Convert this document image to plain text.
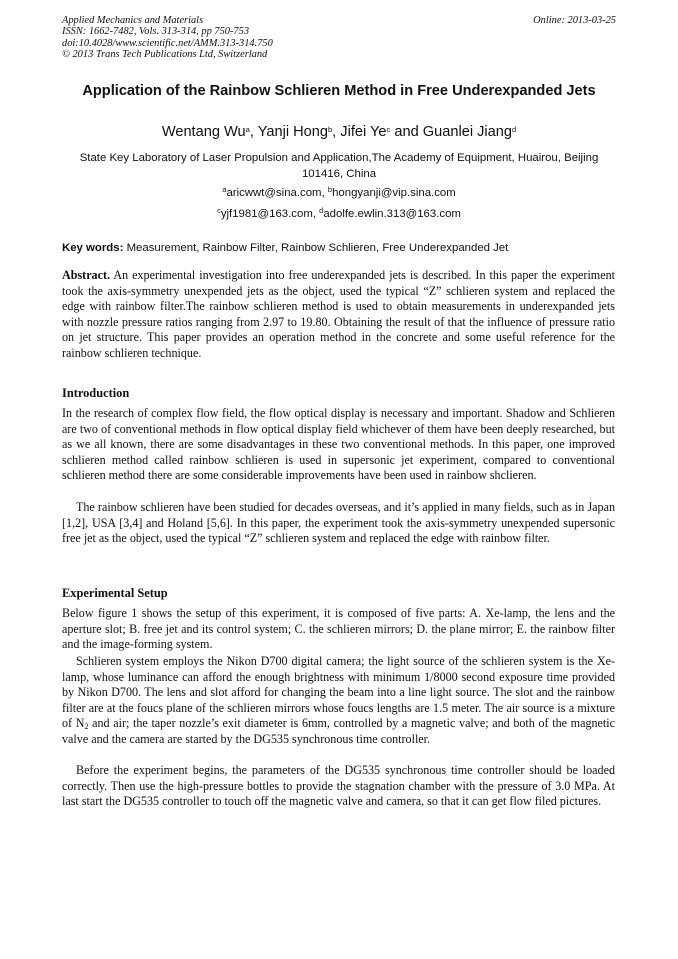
Applied Mechanics and Materials
ISSN: 1662-7482, Vols. 313-314, pp 750-753
doi:10.4028/www.scientific.net/AMM.313-314.750
© 2013 Trans Tech Publications Ltd, Switzerland
Online: 2013-03-25
Application of the Rainbow Schlieren Method in Free Underexpanded Jets
Wentang Wu$^a$, Yanji Hong$^b$, Jifei Ye$^c$ and Guanlei Jiang$^d$
State Key Laboratory of Laser Propulsion and Application,The Academy of Equipment, Huairou, Beijing 101416, China
$^a$aricwwt@sina.com, $^b$hongyanji@vip.sina.com
$^c$yjf1981@163.com, $^d$adolfe.ewlin.313@163.com
Key words: Measurement, Rainbow Filter, Rainbow Schlieren, Free Underexpanded Jet

Abstract. An experimental investigation into free underexpanded jets is described. In this paper the experiment took the axis-symmetry unexpended jets as the object, used the typical “Z” schlieren system and replaced the edge with rainbow filter.The rainbow schlieren method is used to obtain measurements in underexpanded jets with nozzle pressure ratios ranging from 2.97 to 19.80. Obtaining the result of that the influence of pressure ratio on jet structure. This paper provides an operation method in the concrete and some useful reference for the rainbow schlieren technique.

Introduction

In the research of complex flow field, the flow optical display is necessary and important. Shadow and Schlieren are two of conventional methods in flow optical display field whichever of them have been deeply researched, but as we all known, there are some disadvantages in these two conventional methods. In this paper, one improved schlieren method called rainbow schlieren is used in supersonic jet experiment, compared to conventional schlieren method there are some considerable improvements have been used in rainbow shclieren.

The rainbow schlieren have been studied for decades overseas, and it’s applied in many fields, such as in Japan [1,2], USA [3,4] and Holand [5,6]. In this paper, the experiment took the axis-symmetry unexpended supersonic free jet as the object, used the typical “Z” schlieren system and replaced the edge with rainbow filter.

Experimental Setup

Below figure 1 shows the setup of this experiment, it is composed of five parts: A. Xe-lamp, the lens and the aperture slot; B. free jet and its control system; C. the schlieren mirrors; D. the plane mirror; E. the rainbow filter and the image-forming system.

Schlieren system employs the Nikon D700 digital camera; the light source of the schlieren system is the Xe-lamp, whose luminance can afford the enough brightness with minimum 1/8000 second exposure time provided by Nikon D700. The lens and slot afford for changing the beam into a line light source. The slot and the rainbow filter are at the foucs plane of the schlieren mirrors whose foucs lengths are 1.5 meter. The air source is a mixture of $N_2$ and air; the taper nozzle’s exit diameter is 6mm, controlled by a magnetic valve; and both of the magnetic valve and the camera are started by the DG535 synchronous time controller.

Before the experiment begins, the parameters of the DG535 synchronous time controller should be loaded correctly. Then use the high-pressure bottles to provide the stagnation chamber with the pressure of 3.0 MPa. At last start the DG535 controller to touch off the magnetic valve and camera, so that it can get flow filed pictures.
